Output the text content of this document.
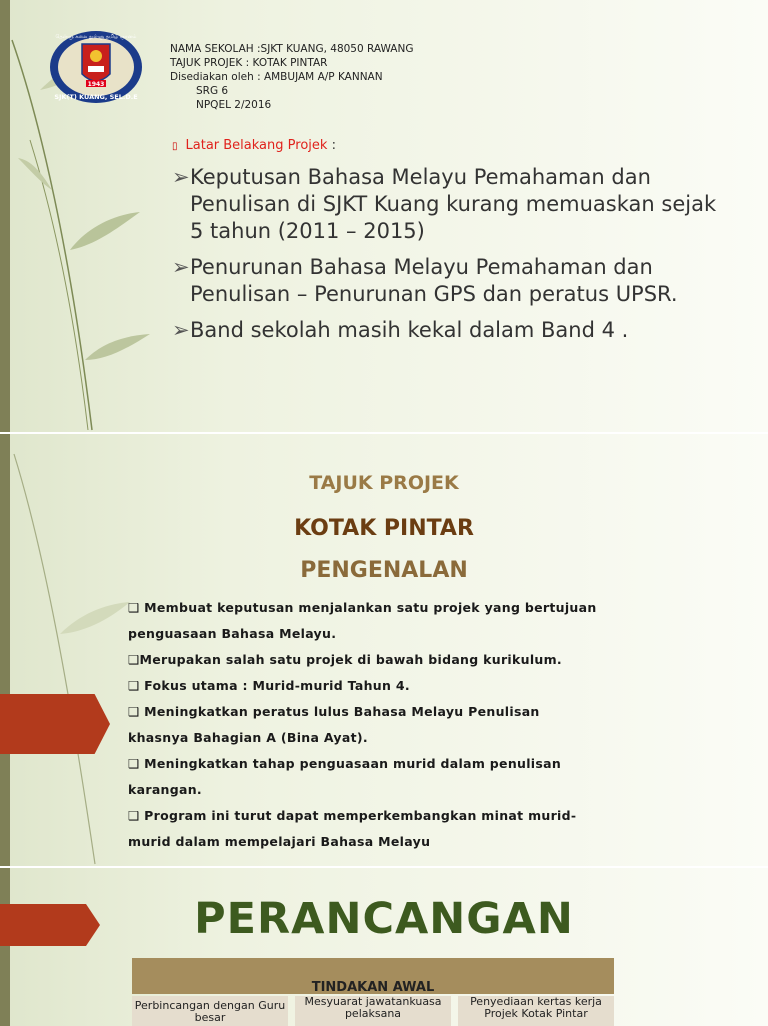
தெள்ளு கலை துள்ளு தமிழ் ஞானம்
1943
SJK(T) KUANG, SEL.D.E
NAMA SEKOLAH :SJKT KUANG, 48050 RAWANG
TAJUK PROJEK : KOTAK PINTAR
Disediakan oleh : AMBUJAM A/P KANNAN
SRG 6
NPQEL 2/2016
▯ Latar Belakang Projek :
➢ Keputusan Bahasa Melayu Pemahaman dan Penulisan di SJKT Kuang kurang memuaskan sejak 5 tahun (2011 – 2015)
➢ Penurunan Bahasa Melayu Pemahaman dan Penulisan – Penurunan GPS dan peratus UPSR.
➢ Band sekolah masih kekal dalam Band 4 .
TAJUK PROJEK
KOTAK PINTAR
PENGENALAN
❑ Membuat keputusan menjalankan satu projek yang bertujuan
penguasaan Bahasa Melayu.
❑Merupakan salah satu projek di bawah bidang kurikulum.
❑ Fokus utama : Murid-murid Tahun 4.
❑ Meningkatkan peratus lulus Bahasa Melayu Penulisan
khasnya Bahagian A (Bina Ayat).
❑ Meningkatkan tahap penguasaan murid dalam penulisan
karangan.
❑ Program ini turut dapat memperkembangkan minat murid-
murid dalam mempelajari Bahasa Melayu
PERANCANGAN
TINDAKAN AWAL
Perbincangan dengan Guru besar
Mesyuarat jawatankuasa pelaksana
Penyediaan kertas kerja Projek Kotak Pintar
